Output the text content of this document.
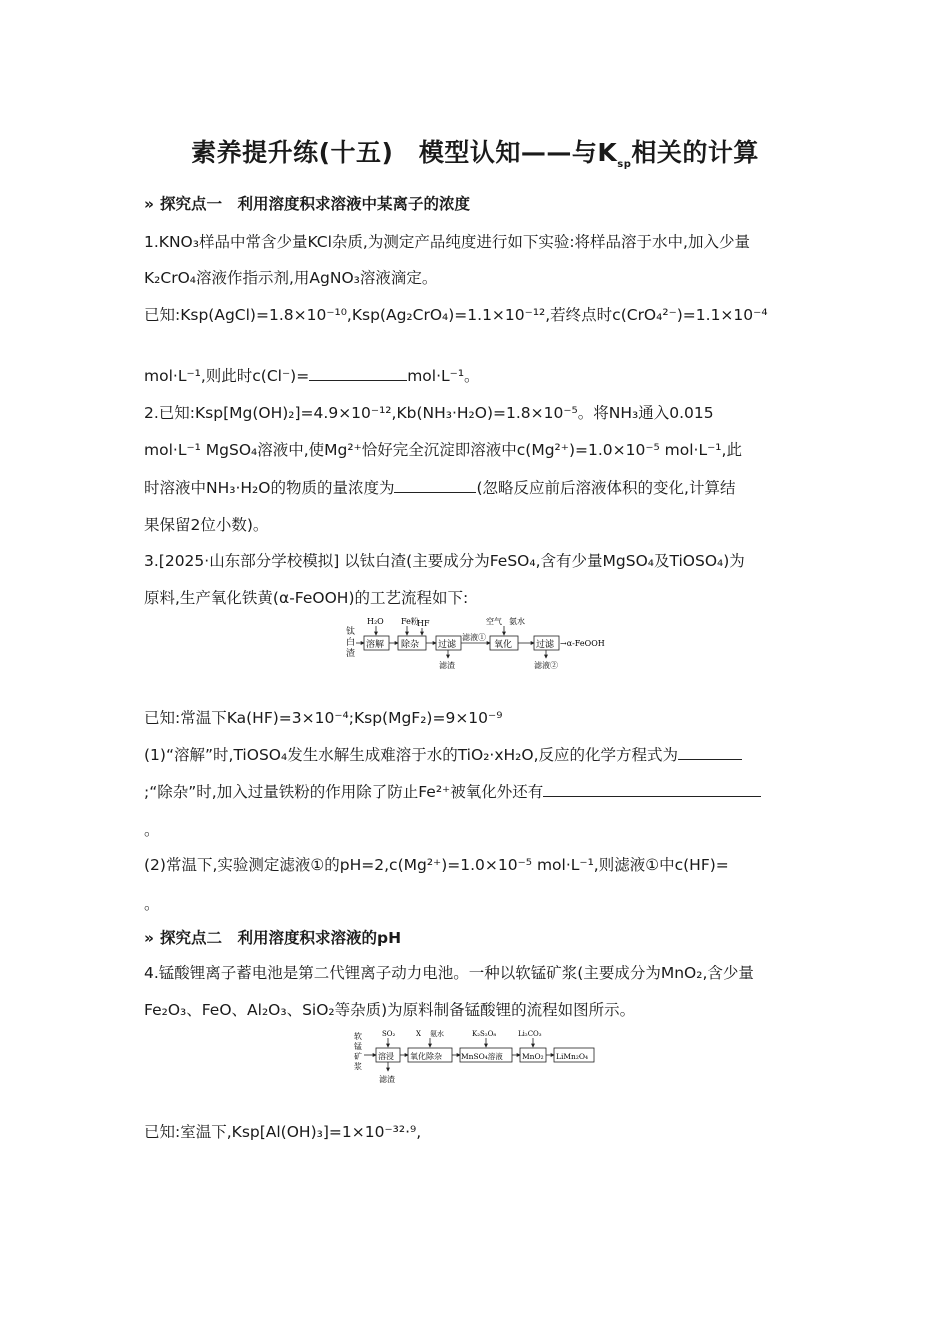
素养提升练(十五)　模型认知——与$K_{sp}$相关的计算
» 探究点一　利用溶度积求溶液中某离子的浓度
1.KNO₃样品中常含少量KCl杂质,为测定产品纯度进行如下实验:将样品溶于水中,加入少量
K₂CrO₄溶液作指示剂,用AgNO₃溶液滴定。
已知:Ksp(AgCl)=1.8×10⁻¹⁰,Ksp(Ag₂CrO₄)=1.1×10⁻¹²,若终点时c(CrO₄²⁻)=1.1×10⁻⁴
mol·L⁻¹,则此时c(Cl⁻)=	mol·L⁻¹。
2.已知:Ksp[Mg(OH)₂]=4.9×10⁻¹²,Kb(NH₃·H₂O)=1.8×10⁻⁵。将NH₃通入0.015
mol·L⁻¹ MgSO₄溶液中,使Mg²⁺恰好完全沉淀即溶液中c(Mg²⁺)=1.0×10⁻⁵ mol·L⁻¹,此
时溶液中NH₃·H₂O的物质的量浓度为	(忽略反应前后溶液体积的变化,计算结
果保留2位小数)。
3.[2025·山东部分学校模拟] 以钛白渣(主要成分为FeSO₄,含有少量MgSO₄及TiOSO₄)为
原料,生产氧化铁黄(α-FeOOH)的工艺流程如下:
钛
白
渣
溶解
H₂O
除杂
Fe粉
HF
过滤
滤渣
滤液①
氧化
空气 氨水
过滤
滤液②
→α-FeOOH
已知:常温下Ka(HF)=3×10⁻⁴;Ksp(MgF₂)=9×10⁻⁹
(1)“溶解”时,TiOSO₄发生水解生成难溶于水的TiO₂·xH₂O,反应的化学方程式为
;“除杂”时,加入过量铁粉的作用除了防止Fe²⁺被氧化外还有
。
(2)常温下,实验测定滤液①的pH=2,c(Mg²⁺)=1.0×10⁻⁵ mol·L⁻¹,则滤液①中c(HF)=
。
» 探究点二　利用溶度积求溶液的pH
4.锰酸锂离子蓄电池是第二代锂离子动力电池。一种以软锰矿浆(主要成分为MnO₂,含少量
Fe₂O₃、FeO、Al₂O₃、SiO₂等杂质)为原料制备锰酸锂的流程如图所示。
软
锰
矿
浆
溶浸
SO₂
滤渣
氧化除杂
X 氨水
MnSO₄溶液
K₂S₂O₈
MnO₂
Li₂CO₃
LiMn₂O₄
已知:室温下,Ksp[Al(OH)₃]=1×10⁻³²·⁹,
